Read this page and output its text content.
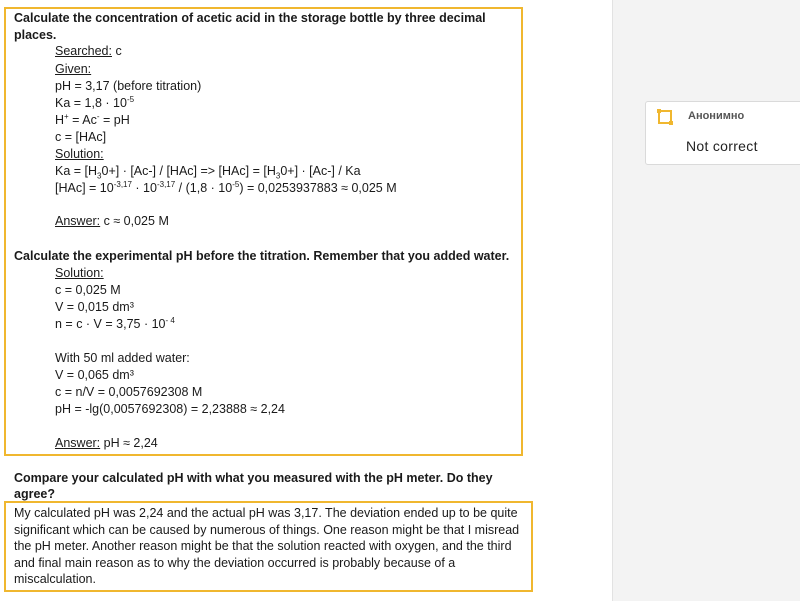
Calculate the concentration of acetic acid in the storage bottle by three decimal
places.
Searched: c
Given:
pH = 3,17 (before titration)
$Ka = 1,8 \cdot 10^{-5}$
H+ = Ac- = pH
c = [HAc]
Solution:
$Ka = [H_30+] \cdot [Ac-] / [HAc] => [HAc] = [H_30+] \cdot [Ac-] / Ka$
$[HAc] = 10^{-3,17} \cdot 10^{-3,17} / (1,8 \cdot 10^{-5}) = 0,0253937883 \approx 0,025$ M
Answer: c ≈ 0,025 M
Calculate the experimental pH before the titration. Remember that you added water.
Solution:
c = 0,025 M
V = 0,015 dm³
$n = c \cdot V = 3,75 \cdot 10^{- 4}$
With 50 ml added water:
V = 0,065 dm³
c = n/V = 0,0057692308 M
pH = -lg(0,0057692308) = 2,23888 ≈ 2,24
Answer: pH ≈ 2,24
Compare your calculated pH with what you measured with the pH meter. Do they
agree?
My calculated pH was 2,24 and the actual pH was 3,17. The deviation ended up to be quite significant which can be caused by numerous of things. One reason might be that I misread the pH meter. Another reason might be that the solution reacted with oxygen, and the third and final main reason as to why the deviation occurred is probably because of a miscalculation.
Анонимно
Not correct
